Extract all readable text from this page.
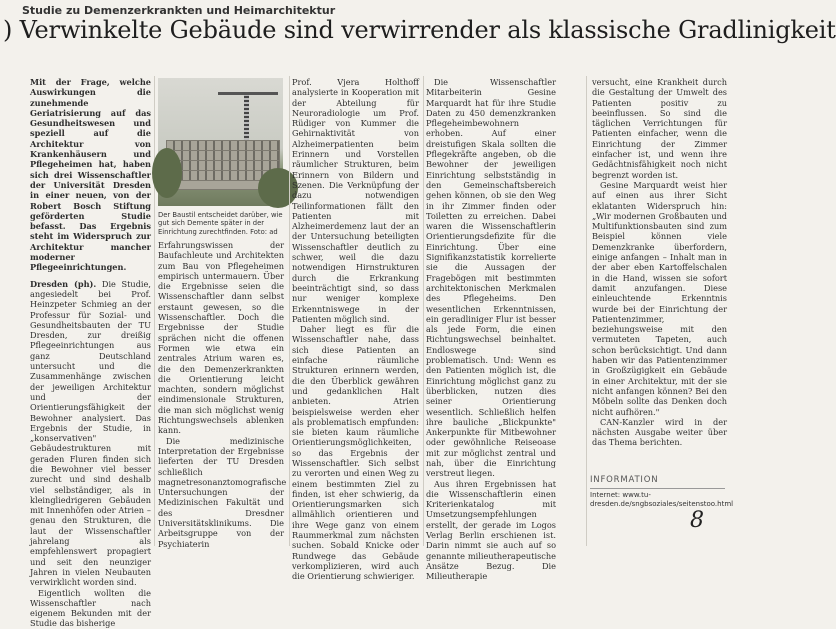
Studie zu Demenzerkrankten und Heimarchitektur
) Verwinkelte Gebäude sind verwirrender als klassische Gradlinigkeit

Mit der Frage, welche Auswirkungen die zunehmende Geriatrisierung auf das Gesundheitswesen und speziell auf die Architektur von Krankenhäusern und Pflegeheimen hat, haben sich drei Wissenschaftler der Universität Dresden in einer neuen, von der Robert Bosch Stiftung geförderten Studie befasst. Das Ergebnis steht im Widerspruch zur Architektur mancher moderner Pflegeeinrichtungen.

Dresden (ph). Die Studie, angesiedelt bei Prof. Heinzpeter Schmieg an der Professur für Sozial- und Gesundheitsbauten der TU Dresden, zur dreißig Pflegeeinrichtungen aus ganz Deutschland untersucht und die Zusammenhänge zwischen der jeweiligen Architektur und der Orientierungsfähigkeit der Bewohner analysiert. Das Ergebnis der Studie, in „konservativen" Gebäudestrukturen mit geraden Fluren finden sich die Bewohner viel besser zurecht und sind deshalb viel selbständiger, als in kleingliedrigeren Gebäuden mit Innenhöfen oder Atrien – genau den Strukturen, die laut der Wissenschaftler jahrelang als empfehlenswert propagiert und seit den neunziger Jahren in vielen Neubauten verwirklicht worden sind.

Eigentlich wollten die Wissenschaftler nach eigenem Bekunden mit der Studie das bisherige

Der Baustil entscheidet darüber, wie gut sich Demente später in der Einrichtung zurechtfinden. Foto: ad

Erfahrungswissen der Baufachleute und Architekten zum Bau von Pflegeheimen empirisch untermauern. Über die Ergebnisse seien die Wissenschaftler dann selbst erstaunt gewesen, so die Wissenschaftler. Doch die Ergebnisse der Studie sprächen nicht die offenen Formen wie etwa ein zentrales Atrium waren es, die den Demenzerkrankten die Orientierung leicht machten, sondern möglichst eindimensionale Strukturen, die man sich möglichst wenig Richtungswechsels ablenken kann.

Die medizinische Interpretation der Ergebnisse lieferten der TU Dresden schließlich magnetresonanztomografische Untersuchungen der Medizinischen Fakultät und des Dresdner Universitätsklinikums. Die Arbeitsgruppe von der Psychiaterin

Prof. Vjera Holthoff analysierte in Kooperation mit der Abteilung für Neuroradiologie um Prof. Rüdiger von Kummer die Gehirnaktivität von Alzheimerpatienten beim Erinnern und Vorstellen räumlicher Strukturen, beim Erinnern von Bildern und Szenen. Die Verknüpfung der dazu notwendigen Teilinformationen fällt den Patienten mit Alzheimerdemenz laut der an der Untersuchung beteiligten Wissenschaftler deutlich zu schwer, weil die dazu notwendigen Hirnstrukturen durch die Erkrankung beeinträchtigt sind, so dass nur weniger komplexe Erkenntniswege in der Patienten möglich sind.

Daher liegt es für die Wissenschaftler nahe, dass sich diese Patienten an einfache räumliche Strukturen erinnern werden, die den Überblick gewähren und gedanklichen Halt anbieten. Atrien beispielsweise werden eher als problematisch empfunden: sie bieten kaum räumliche Orientierungsmöglichkeiten, so das Ergebnis der Wissenschaftler. Sich selbst zu verorten und einen Weg zu einem bestimmten Ziel zu finden, ist eher schwierig, da Orientierungsmarken sich allmählich orientieren und ihre Wege ganz von einem Raummerkmal zum nächsten suchen. Sobald Knicke oder Rundwege das Gebäude verkomplizieren, wird auch die Orientierung schwieriger.

Die Wissenschaftler Mitarbeiterin Gesine Marquardt hat für ihre Studie Daten zu 450 demenzkranken Pflegeheimbewohnern erhoben. Auf einer dreistufigen Skala sollten die Pflegekräfte angeben, ob die Bewohner der jeweiligen Einrichtung selbstständig in den Gemeinschaftsbereich gehen können, ob sie den Weg in ihr Zimmer finden oder Toiletten zu erreichen. Dabei waren die Wissenschaftlerin Orientierungsdefizite für die Einrichtung. Über eine Signifikanzstatistik korrelierte sie die Aussagen der Fragebögen mit bestimmten architektonischen Merkmalen des Pflegeheims. Den wesentlichen Erkenntnissen, ein geradliniger Flur ist besser als jede Form, die einen Richtungswechsel beinhaltet. Endloswege sind problematisch. Und: Wenn es den Patienten möglich ist, die Einrichtung möglichst ganz zu überblicken, nutzen dies seiner Orientierung wesentlich. Schließlich helfen ihre bauliche „Blickpunkte" Ankerpunkte für Mitbewohner oder gewöhnliche Reiseoase mit zur möglichst zentral und nah, über die Einrichtung verstreut liegen.

Aus ihren Ergebnissen hat die Wissenschaftlerin einen Kriterienkatalog mit Umsetzungsempfehlungen erstellt, der gerade im Logos Verlag Berlin erschienen ist. Darin nimmt sie auch auf so genannte milieutherapeutische Ansätze Bezug. Die Milieutherapie

versucht, eine Krankheit durch die Gestaltung der Umwelt des Patienten positiv zu beeinflussen. So sind die täglichen Verrichtungen für Patienten einfacher, wenn die Einrichtung der Zimmer einfacher ist, und wenn ihre Gedächtnisfähigkeit noch nicht begrenzt worden ist.

Gesine Marquardt weist hier auf einen aus ihrer Sicht eklatanten Widerspruch hin: „Wir modernen Großbauten und Multifunktionsbauten sind zum Beispiel können viele Demenzkranke überfordern, einige anfangen – Inhalt man in der aber eben Kartoffelschalen in die Hand, wissen sie sofort damit anzufangen. Diese einleuchtende Erkenntnis wurde bei der Einrichtung der Patientenzimmer, beziehungsweise mit den vermuteten Tapeten, auch schon berücksichtigt. Und dann haben wir das Patientenzimmer in Großzügigkeit ein Gebäude in einer Architektur, mit der sie nicht anfangen können? Bei den Möbeln sollte das Denken doch nicht aufhören."

CAN-Kanzler wird in der nächsten Ausgabe weiter über das Thema berichten.

INFORMATION
Internet: www.tu-dresden.de/sngbsoziales/seitenstoo.html
8
